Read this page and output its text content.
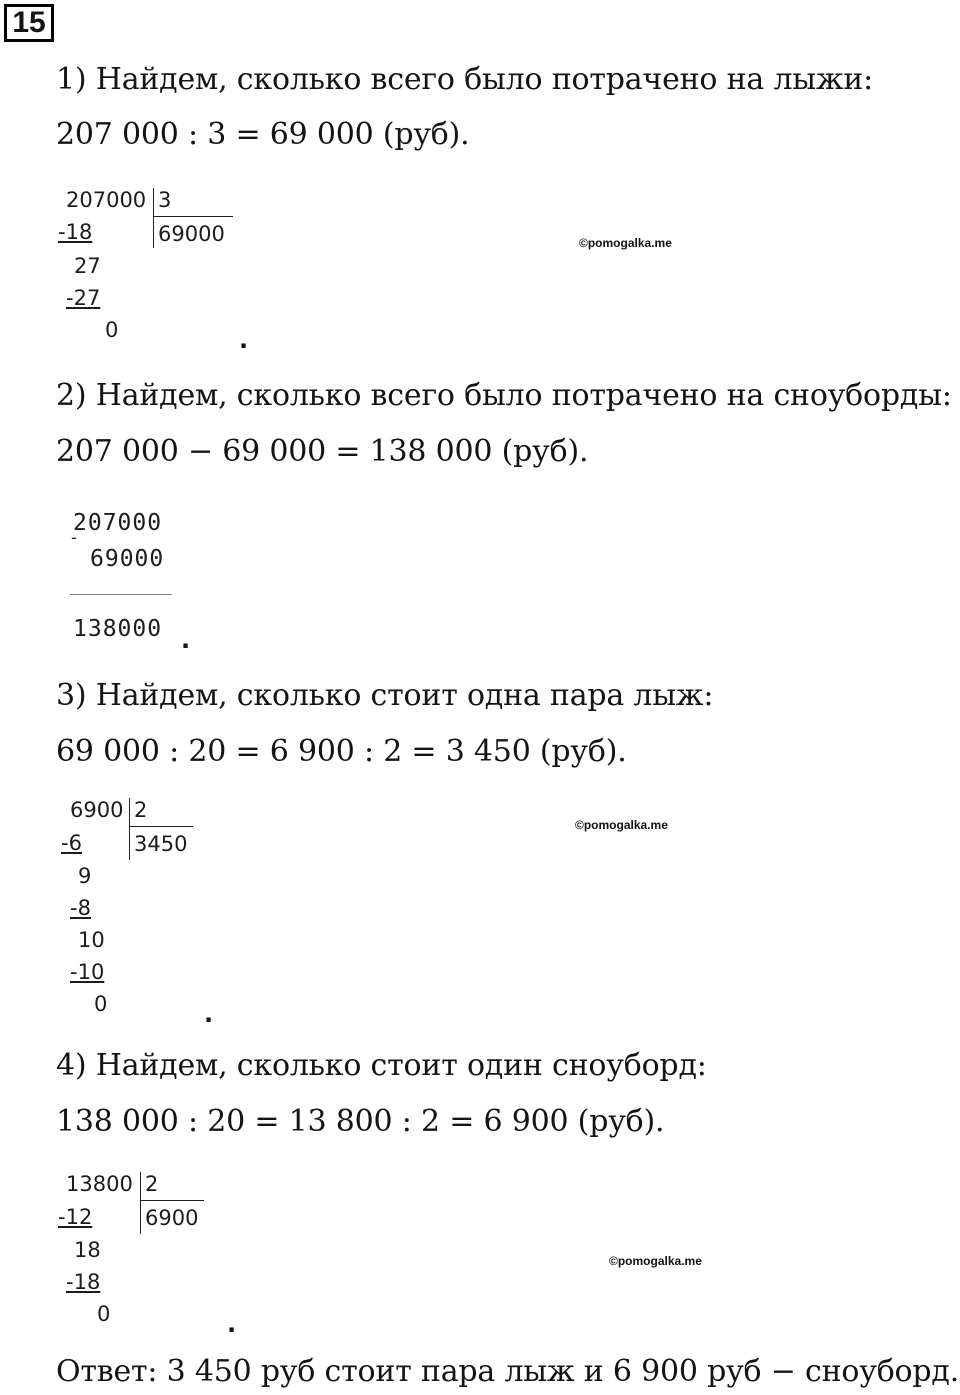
15
1) Найдем, сколько всего было потрачено на лыжи:
207 000 : 3 = 69 000 (руб).
207000 3
69000
-18
27
-27
0
©pomogalka.me
.
2) Найдем, сколько всего было потрачено на сноуборды:
207 000 − 69 000 = 138 000 (руб).
207000
-
69000
138000 .
3) Найдем, сколько стоит одна пара лыж:
69 000 : 20 = 6 900 : 2 = 3 450 (руб).
6900 2
3450
-6
9
-8
10
-10
0
©pomogalka.me
.
4) Найдем, сколько стоит один сноуборд:
138 000 : 20 = 13 800 : 2 = 6 900 (руб).
13800 2
6900
-12
18
-18
0
©pomogalka.me
.
Ответ: 3 450 руб стоит пара лыж и 6 900 руб − сноуборд.
